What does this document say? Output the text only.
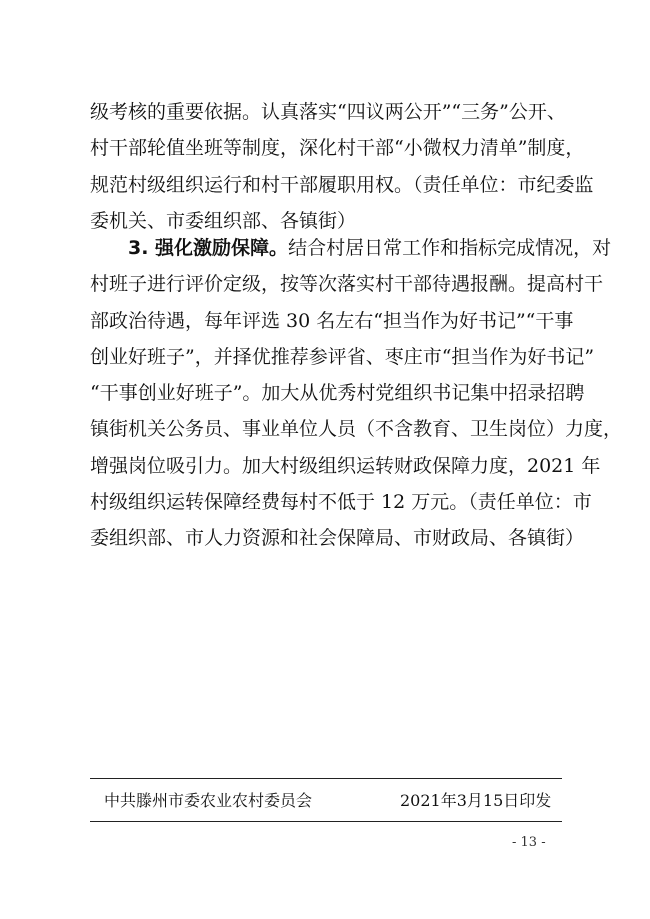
级考核的重要依据。认真落实“四议两公开”“三务”公开、
村干部轮值坐班等制度，深化村干部“小微权力清单”制度，
规范村级组织运行和村干部履职用权。（责任单位：市纪委监
委机关、市委组织部、各镇街）
3. 强化激励保障。结合村居日常工作和指标完成情况，对
村班子进行评价定级，按等次落实村干部待遇报酬。提高村干
部政治待遇，每年评选 30 名左右“担当作为好书记”“干事
创业好班子”，并择优推荐参评省、枣庄市“担当作为好书记”
“干事创业好班子”。加大从优秀村党组织书记集中招录招聘
镇街机关公务员、事业单位人员（不含教育、卫生岗位）力度，
增强岗位吸引力。加大村级组织运转财政保障力度，2021 年
村级组织运转保障经费每村不低于 12 万元。（责任单位：市
委组织部、市人力资源和社会保障局、市财政局、各镇街）
中共滕州市委农业农村委员会	2021年3月15日印发
- 13 -
